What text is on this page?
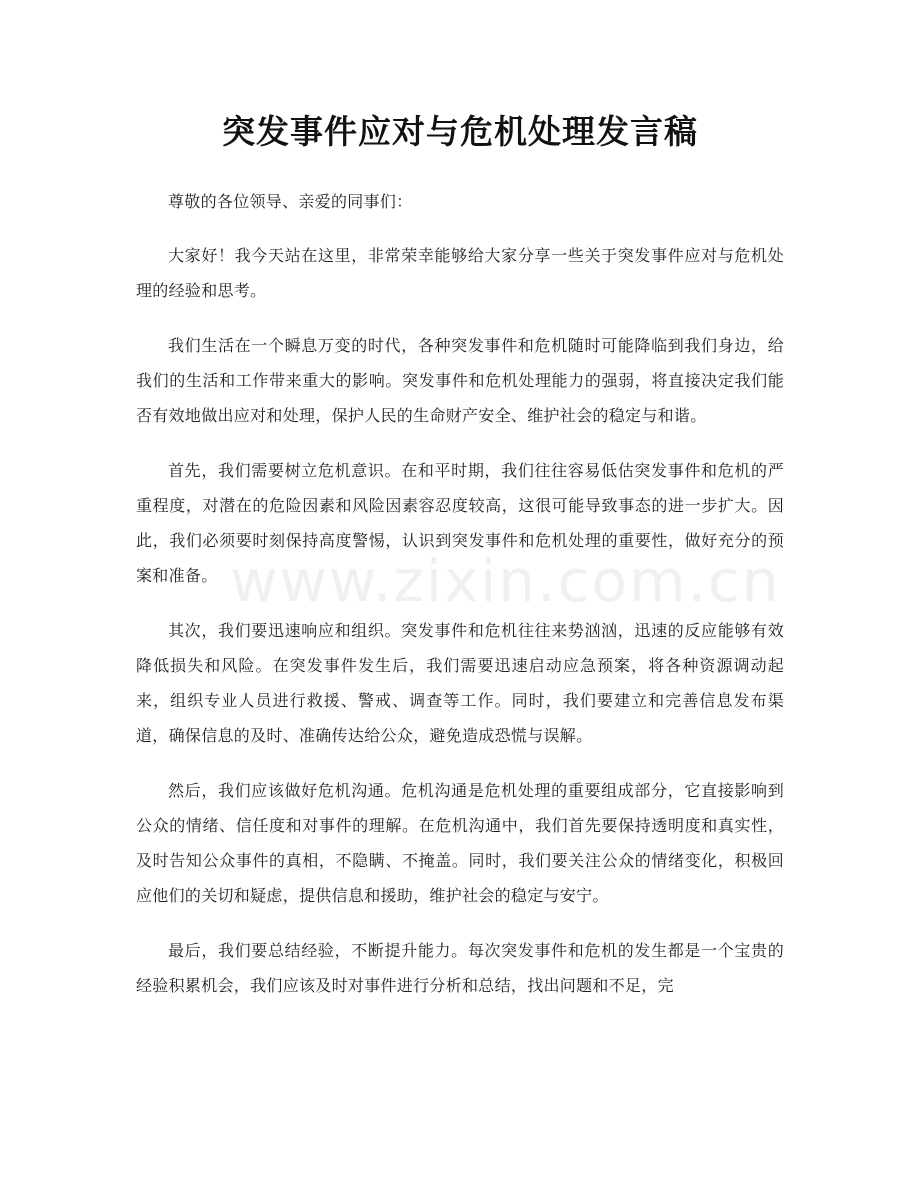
突发事件应对与危机处理发言稿

尊敬的各位领导、亲爱的同事们：

大家好！我今天站在这里，非常荣幸能够给大家分享一些关于突发事件应对与危机处理的经验和思考。

我们生活在一个瞬息万变的时代，各种突发事件和危机随时可能降临到我们身边，给我们的生活和工作带来重大的影响。突发事件和危机处理能力的强弱，将直接决定我们能否有效地做出应对和处理，保护人民的生命财产安全、维护社会的稳定与和谐。

首先，我们需要树立危机意识。在和平时期，我们往往容易低估突发事件和危机的严重程度，对潜在的危险因素和风险因素容忍度较高，这很可能导致事态的进一步扩大。因此，我们必须要时刻保持高度警惕，认识到突发事件和危机处理的重要性，做好充分的预案和准备。

其次，我们要迅速响应和组织。突发事件和危机往往来势汹汹，迅速的反应能够有效降低损失和风险。在突发事件发生后，我们需要迅速启动应急预案，将各种资源调动起来，组织专业人员进行救援、警戒、调查等工作。同时，我们要建立和完善信息发布渠道，确保信息的及时、准确传达给公众，避免造成恐慌与误解。

然后，我们应该做好危机沟通。危机沟通是危机处理的重要组成部分，它直接影响到公众的情绪、信任度和对事件的理解。在危机沟通中，我们首先要保持透明度和真实性，及时告知公众事件的真相，不隐瞒、不掩盖。同时，我们要关注公众的情绪变化，积极回应他们的关切和疑虑，提供信息和援助，维护社会的稳定与安宁。

最后，我们要总结经验，不断提升能力。每次突发事件和危机的发生都是一个宝贵的经验积累机会，我们应该及时对事件进行分析和总结，找出问题和不足，完

www.zixin.com.cn
